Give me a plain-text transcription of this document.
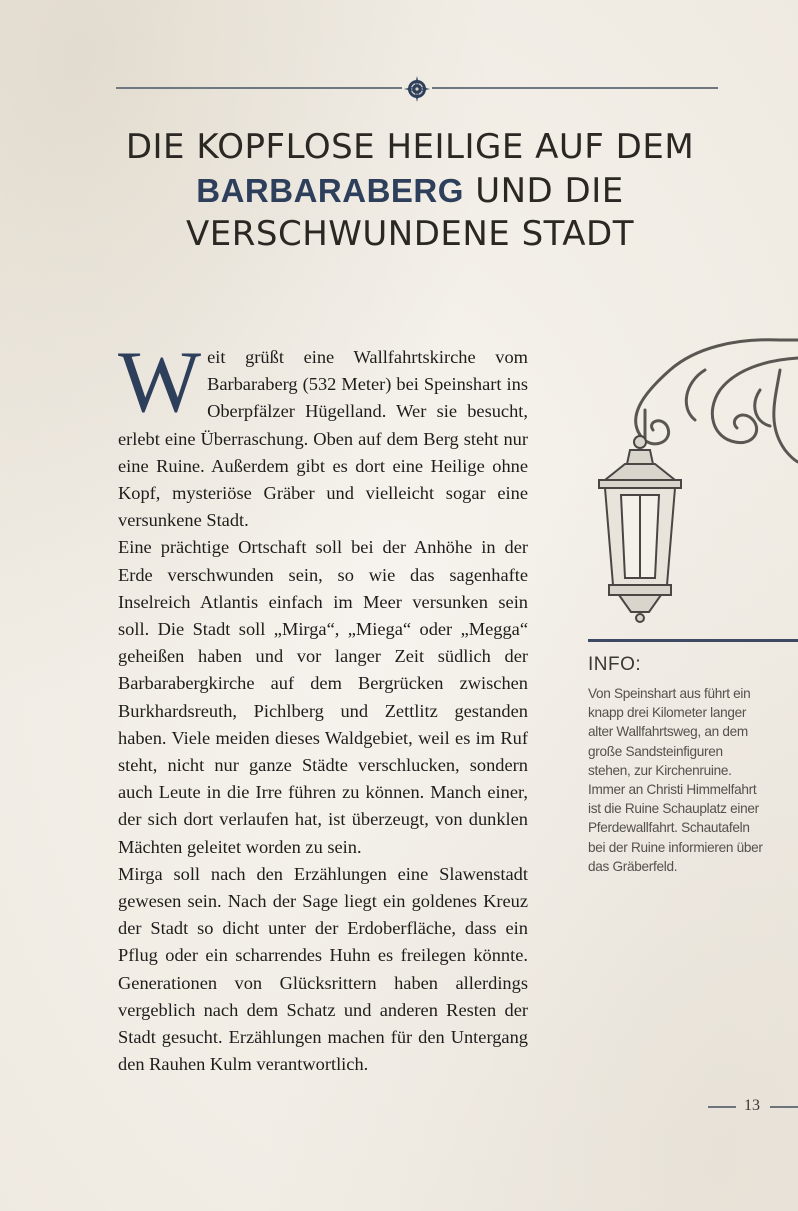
DIE KOPFLOSE HEILIGE AUF DEM
BARBARABERG UND DIE
VERSCHWUNDENE STADT

Weit grüßt eine Wallfahrtskirche vom Barbaraberg (532 Meter) bei Speinshart ins Oberpfälzer Hügelland. Wer sie besucht, erlebt eine Überraschung. Oben auf dem Berg steht nur eine Ruine. Außerdem gibt es dort eine Heilige ohne Kopf, mysteriöse Gräber und vielleicht sogar eine versunkene Stadt.

Eine prächtige Ortschaft soll bei der Anhöhe in der Erde verschwunden sein, so wie das sagenhafte Inselreich Atlantis einfach im Meer versunken sein soll. Die Stadt soll „Mirga“, „Miega“ oder „Megga“ geheißen haben und vor langer Zeit südlich der Barbarabergkirche auf dem Bergrücken zwischen Burkhardsreuth, Pichlberg und Zettlitz gestanden haben. Viele meiden dieses Waldgebiet, weil es im Ruf steht, nicht nur ganze Städte verschlucken, sondern auch Leute in die Irre führen zu können. Manch einer, der sich dort verlaufen hat, ist überzeugt, von dunklen Mächten geleitet worden zu sein.

Mirga soll nach den Erzählungen eine Slawenstadt gewesen sein. Nach der Sage liegt ein goldenes Kreuz der Stadt so dicht unter der Erdoberfläche, dass ein Pflug oder ein scharrendes Huhn es freilegen könnte. Generationen von Glücksrittern haben allerdings vergeblich nach dem Schatz und anderen Resten der Stadt gesucht. Erzählungen machen für den Untergang den Rauhen Kulm verantwortlich.

INFO:
Von Speinshart aus führt ein knapp drei Kilometer langer alter Wallfahrtsweg, an dem große Sandsteinfiguren stehen, zur Kirchenruine. Immer an Christi Himmelfahrt ist die Ruine Schauplatz einer Pferdewallfahrt. Schautafeln bei der Ruine informieren über das Gräberfeld.
13
